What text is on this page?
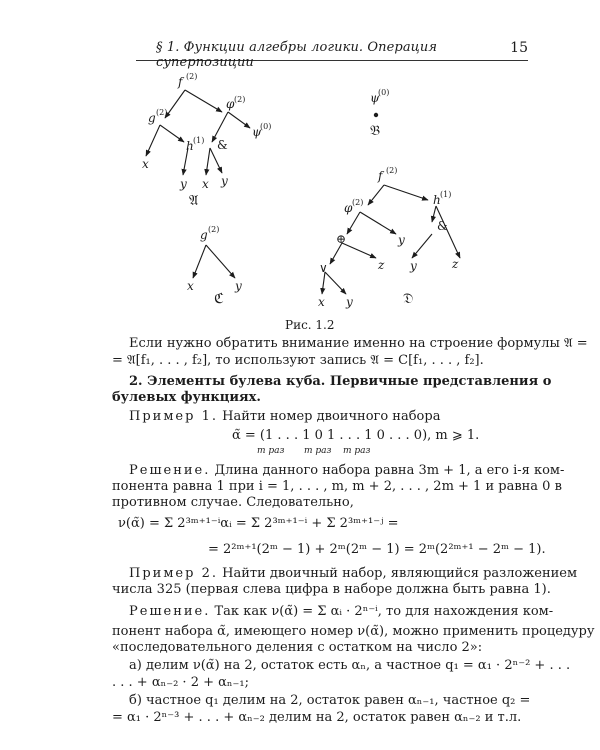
§ 1. Функции алгебры логики. Операция суперпозиции
15
f (2)
g (2)
φ (2)
h (1) &
ψ
(0)
x
y x y
𝔄
ψ
(0)
𝔅
g (2)
x	y
ℭ
f (2)
φ (2)	h (1)
⊕	y
&
∨	z y	z
x y	𝔇
Рис. 1.2
Если нужно обратить внимание именно на строение формулы 𝔄 =
= 𝔄[f₁, . . . , f₂], то используют запись 𝔄 = C[f₁, . . . , f₂].
2. Элементы булева куба. Первичные представления о
булевых функциях.
Пример 1. Найти номер двоичного набора
α̃ = (1 . . . 1 0 1 . . . 1 0 . . . 0), m ⩾ 1.
m раз m раз m раз
Решение. Длина данного набора равна 3m + 1, а его i-я ком-
понента равна 1 при i = 1, . . . , m, m + 2, . . . , 2m + 1 и равна 0 в
противном случае. Следовательно,
ν(α̃) = Σ 2³ᵐ⁺¹⁻ⁱαᵢ = Σ 2³ᵐ⁺¹⁻ⁱ + Σ 2³ᵐ⁺¹⁻ʲ =
= 2²ᵐ⁺¹(2ᵐ − 1) + 2ᵐ(2ᵐ − 1) = 2ᵐ(2²ᵐ⁺¹ − 2ᵐ − 1).
Пример 2. Найти двоичный набор, являющийся разложением
числа 325 (первая слева цифра в наборе должна быть равна 1).
Решение. Так как ν(α̃) = Σ αᵢ · 2ⁿ⁻ⁱ, то для нахождения ком-
понент набора α̃, имеющего номер ν(α̃), можно применить процедуру
«последовательного деления с остатком на число 2»:
а) делим ν(α̃) на 2, остаток есть αₙ, а частное q₁ = α₁ · 2ⁿ⁻² + . . .
. . . + αₙ₋₂ · 2 + αₙ₋₁;
б) частное q₁ делим на 2, остаток равен αₙ₋₁, частное q₂ =
= α₁ · 2ⁿ⁻³ + . . . + αₙ₋₂ делим на 2, остаток равен αₙ₋₂ и т.л.
